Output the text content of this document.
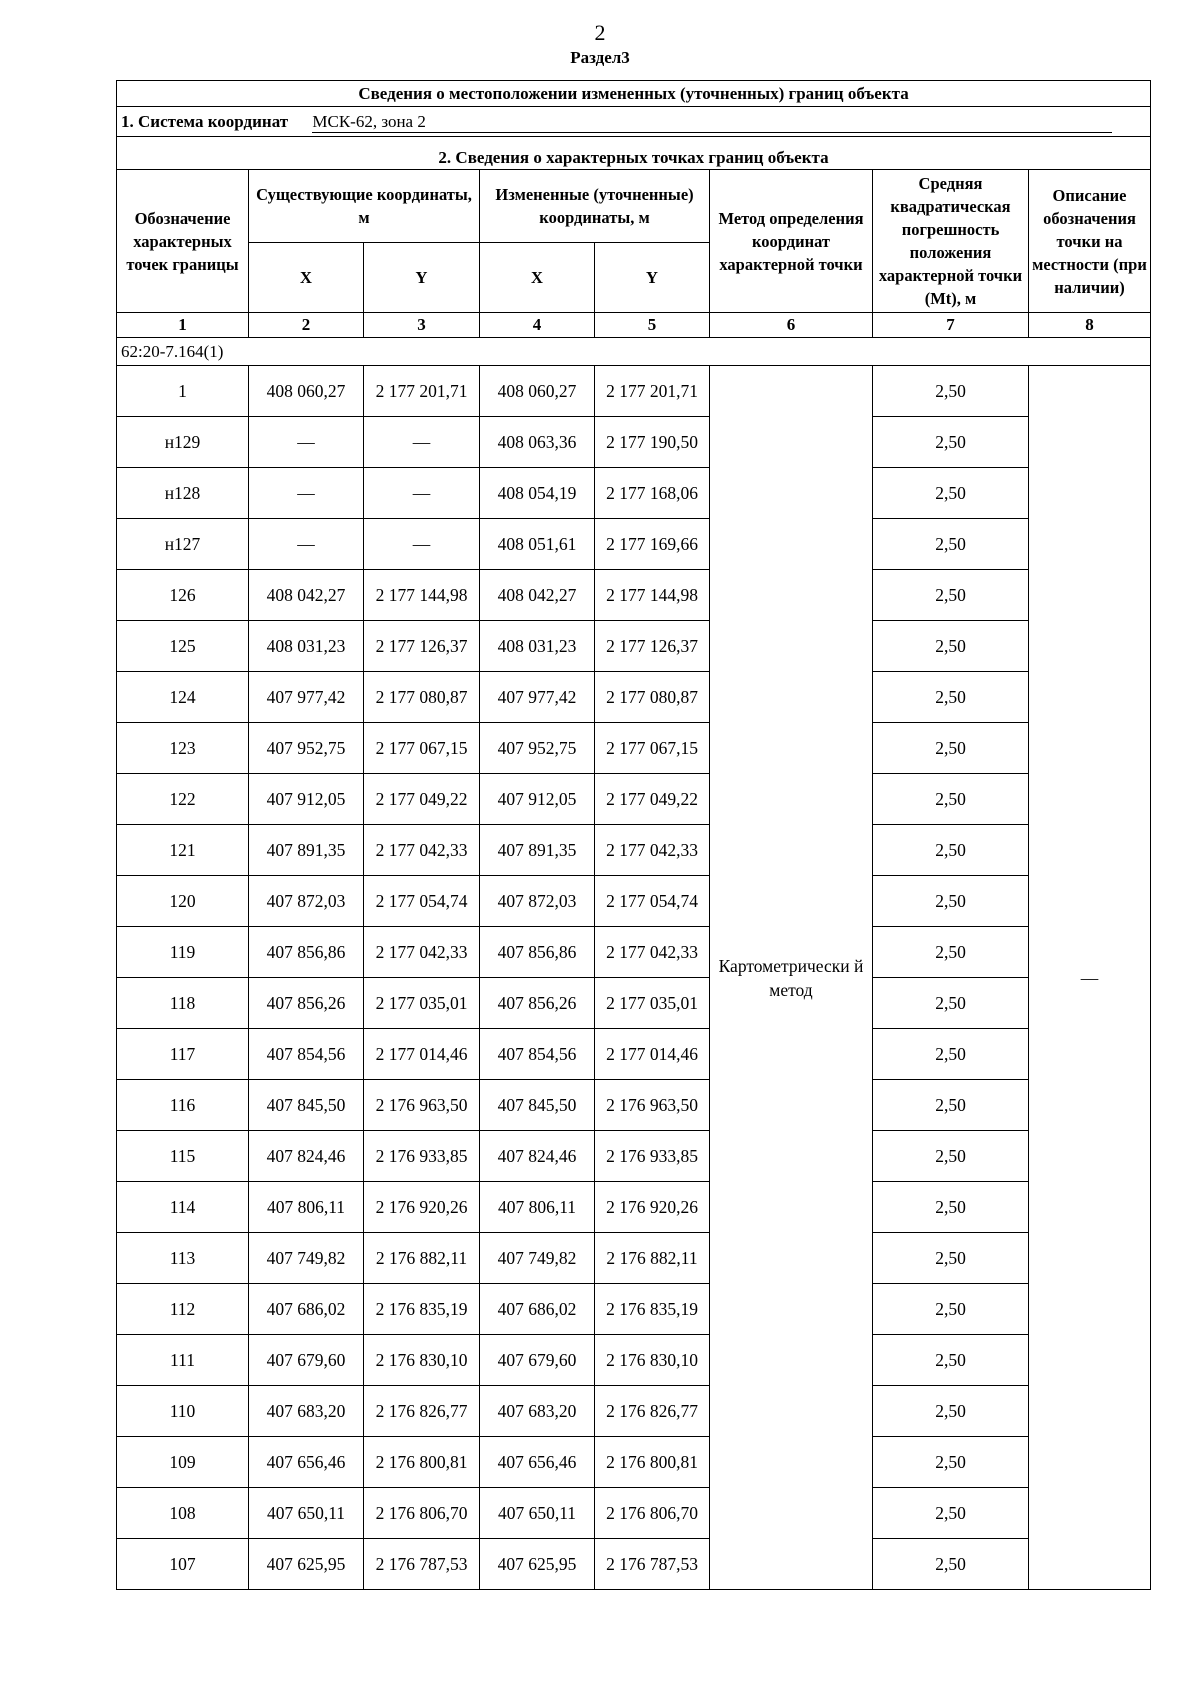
2
Раздел3
Сведения о местоположении измененных (уточненных) границ объекта							
1. Система координат МСК-62, зона 2							

2. Сведения о характерных точках границ объекта							
Обозначение характерных точек границы	Существующие координаты, м		Измененные (уточненные) координаты, м		Метод определения координат характерной точки	Средняя квадратическая погрешность положения характерной точки (Mt), м	Описание обозначения точки на местности (при наличии)
	X	Y	X	Y			
1	2	3	4	5	6	7	8
62:20-7.164(1)							
1	408 060,27	2 177 201,71	408 060,27	2 177 201,71	Картометрически й метод	2,50	—
н129	—	—	408 063,36	2 177 190,50		2,50	
н128	—	—	408 054,19	2 177 168,06		2,50	
н127	—	—	408 051,61	2 177 169,66		2,50	
126	408 042,27	2 177 144,98	408 042,27	2 177 144,98		2,50	
125	408 031,23	2 177 126,37	408 031,23	2 177 126,37		2,50	
124	407 977,42	2 177 080,87	407 977,42	2 177 080,87		2,50	
123	407 952,75	2 177 067,15	407 952,75	2 177 067,15		2,50	
122	407 912,05	2 177 049,22	407 912,05	2 177 049,22		2,50	
121	407 891,35	2 177 042,33	407 891,35	2 177 042,33		2,50	
120	407 872,03	2 177 054,74	407 872,03	2 177 054,74		2,50	
119	407 856,86	2 177 042,33	407 856,86	2 177 042,33		2,50	
118	407 856,26	2 177 035,01	407 856,26	2 177 035,01		2,50	
117	407 854,56	2 177 014,46	407 854,56	2 177 014,46		2,50	
116	407 845,50	2 176 963,50	407 845,50	2 176 963,50		2,50	
115	407 824,46	2 176 933,85	407 824,46	2 176 933,85		2,50	
114	407 806,11	2 176 920,26	407 806,11	2 176 920,26		2,50	
113	407 749,82	2 176 882,11	407 749,82	2 176 882,11		2,50	
112	407 686,02	2 176 835,19	407 686,02	2 176 835,19		2,50	
111	407 679,60	2 176 830,10	407 679,60	2 176 830,10		2,50	
110	407 683,20	2 176 826,77	407 683,20	2 176 826,77		2,50	
109	407 656,46	2 176 800,81	407 656,46	2 176 800,81		2,50	
108	407 650,11	2 176 806,70	407 650,11	2 176 806,70		2,50	
107	407 625,95	2 176 787,53	407 625,95	2 176 787,53		2,50	
